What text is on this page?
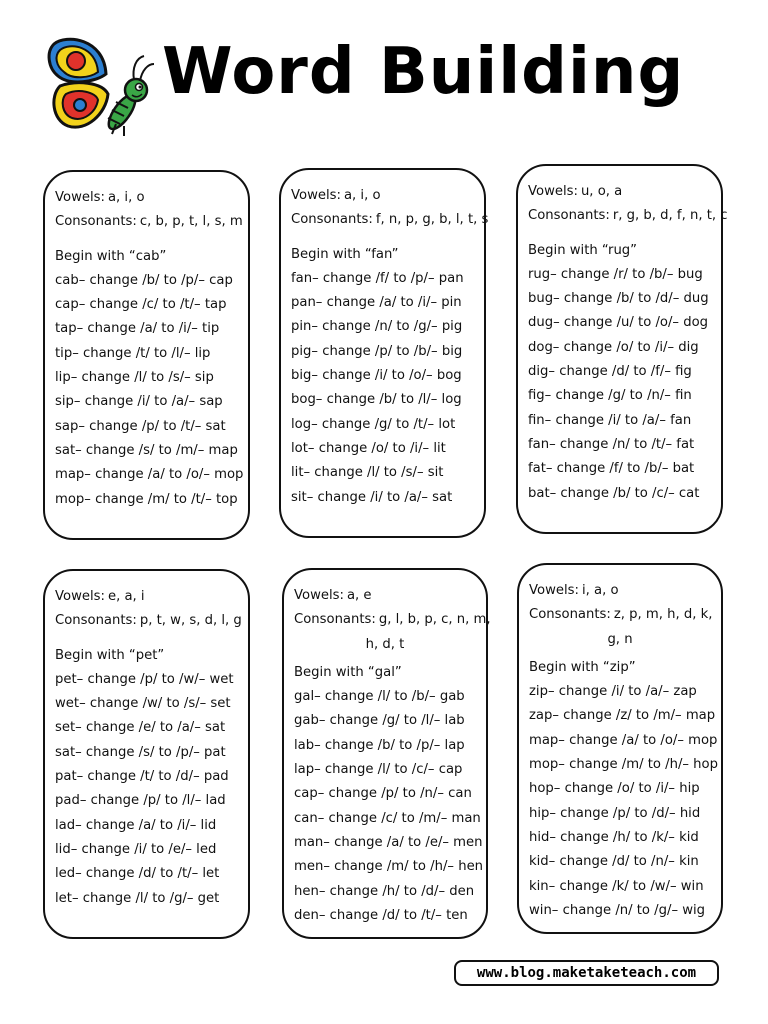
Word Building
Vowels: a, i, o
Consonants: c, b, p, t, l, s, m
Begin with “cab”
cab– change /b/ to /p/– cap
cap– change /c/ to /t/– tap
tap– change /a/ to /i/– tip
tip– change /t/ to /l/– lip
lip– change /l/ to /s/– sip
sip– change /i/ to /a/– sap
sap– change /p/ to /t/– sat
sat– change /s/ to /m/– map
map– change /a/ to /o/– mop
mop– change /m/ to /t/– top
Vowels: a, i, o
Consonants: f, n, p, g, b, l, t, s
Begin with “fan”
fan– change /f/ to /p/– pan
pan– change /a/ to /i/– pin
pin– change /n/ to /g/– pig
pig– change /p/ to /b/– big
big– change /i/ to /o/– bog
bog– change /b/ to /l/– log
log– change /g/ to /t/– lot
lot– change /o/ to /i/– lit
lit– change /l/ to /s/– sit
sit– change /i/ to /a/– sat
Vowels: u, o, a
Consonants: r, g, b, d, f, n, t, c
Begin with “rug”
rug– change /r/ to /b/– bug
bug– change /b/ to /d/– dug
dug– change /u/ to /o/– dog
dog– change /o/ to /i/– dig
dig– change /d/ to /f/– fig
fig– change /g/ to /n/– fin
fin– change /i/ to /a/– fan
fan– change /n/ to /t/– fat
fat– change /f/ to /b/– bat
bat– change /b/ to /c/– cat
Vowels: e, a, i
Consonants: p, t, w, s, d, l, g
Begin with “pet”
pet– change /p/ to /w/– wet
wet– change /w/ to /s/– set
set– change /e/ to /a/– sat
sat– change /s/ to /p/– pat
pat– change /t/ to /d/– pad
pad– change /p/ to /l/– lad
lad– change /a/ to /i/– lid
lid– change /i/ to /e/– led
led– change /d/ to /t/– let
let– change /l/ to /g/– get
Vowels: a, e
Consonants: g, l, b, p, c, n, m,
h, d, t
Begin with “gal”
gal– change /l/ to /b/– gab
gab– change /g/ to /l/– lab
lab– change /b/ to /p/– lap
lap– change /l/ to /c/– cap
cap– change /p/ to /n/– can
can– change /c/ to /m/– man
man– change /a/ to /e/– men
men– change /m/ to /h/– hen
hen– change /h/ to /d/– den
den– change /d/ to /t/– ten
Vowels: i, a, o
Consonants: z, p, m, h, d, k,
g, n
Begin with “zip”
zip– change /i/ to /a/– zap
zap– change /z/ to /m/– map
map– change /a/ to /o/– mop
mop– change /m/ to /h/– hop
hop– change /o/ to /i/– hip
hip– change /p/ to /d/– hid
hid– change /h/ to /k/– kid
kid– change /d/ to /n/– kin
kin– change /k/ to /w/– win
win– change /n/ to /g/– wig
www.blog.maketaketeach.com
